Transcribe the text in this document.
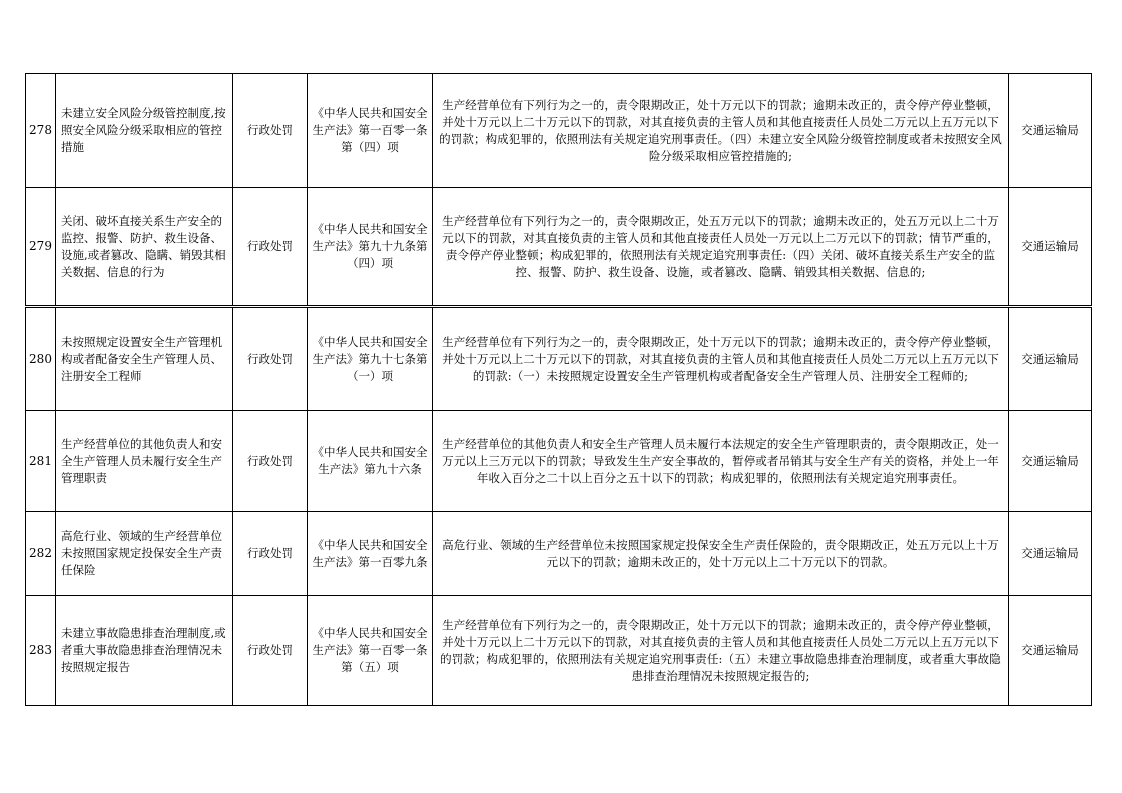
278	未建立安全风险分级管控制度,按照安全风险分级采取相应的管控措施	行政处罚	《中华人民共和国安全生产法》第一百零一条第（四）项	生产经营单位有下列行为之一的，责令限期改正，处十万元以下的罚款；逾期未改正的，责令停产停业整顿，并处十万元以上二十万元以下的罚款，对其直接负责的主管人员和其他直接责任人员处二万元以上五万元以下的罚款；构成犯罪的，依照刑法有关规定追究刑事责任。（四）未建立安全风险分级管控制度或者未按照安全风险分级采取相应管控措施的;	交通运输局
279	关闭、破坏直接关系生产安全的监控、报警、防护、救生设备、设施,或者篡改、隐瞒、销毁其相关数据、信息的行为	行政处罚	《中华人民共和国安全生产法》第九十九条第（四）项	生产经营单位有下列行为之一的，责令限期改正，处五万元以下的罚款；逾期未改正的，处五万元以上二十万元以下的罚款，对其直接负责的主管人员和其他直接责任人员处一万元以上二万元以下的罚款；情节严重的，责令停产停业整顿；构成犯罪的，依照刑法有关规定追究刑事责任:（四）关闭、破坏直接关系生产安全的监控、报警、防护、救生设备、设施，或者篡改、隐瞒、销毁其相关数据、信息的;	交通运输局
280	未按照规定设置安全生产管理机构或者配备安全生产管理人员、注册安全工程师	行政处罚	《中华人民共和国安全生产法》第九十七条第（一）项	生产经营单位有下列行为之一的，责令限期改正，处十万元以下的罚款；逾期未改正的，责令停产停业整顿，并处十万元以上二十万元以下的罚款，对其直接负责的主管人员和其他直接责任人员处二万元以上五万元以下的罚款:（一）未按照规定设置安全生产管理机构或者配备安全生产管理人员、注册安全工程师的;	交通运输局
281	生产经营单位的其他负责人和安全生产管理人员未履行安全生产管理职责	行政处罚	《中华人民共和国安全生产法》第九十六条	生产经营单位的其他负责人和安全生产管理人员未履行本法规定的安全生产管理职责的，责令限期改正，处一万元以上三万元以下的罚款；导致发生生产安全事故的，暂停或者吊销其与安全生产有关的资格，并处上一年年收入百分之二十以上百分之五十以下的罚款；构成犯罪的，依照刑法有关规定追究刑事责任。	交通运输局
282	高危行业、领域的生产经营单位未按照国家规定投保安全生产责任保险	行政处罚	《中华人民共和国安全生产法》第一百零九条	高危行业、领域的生产经营单位未按照国家规定投保安全生产责任保险的，责令限期改正，处五万元以上十万元以下的罚款；逾期未改正的，处十万元以上二十万元以下的罚款。	交通运输局
283	未建立事故隐患排查治理制度,或者重大事故隐患排查治理情况未按照规定报告	行政处罚	《中华人民共和国安全生产法》第一百零一条第（五）项	生产经营单位有下列行为之一的，责令限期改正，处十万元以下的罚款；逾期未改正的，责令停产停业整顿，并处十万元以上二十万元以下的罚款，对其直接负责的主管人员和其他直接责任人员处二万元以上五万元以下的罚款；构成犯罪的，依照刑法有关规定追究刑事责任:（五）未建立事故隐患排查治理制度，或者重大事故隐患排查治理情况未按照规定报告的;	交通运输局
